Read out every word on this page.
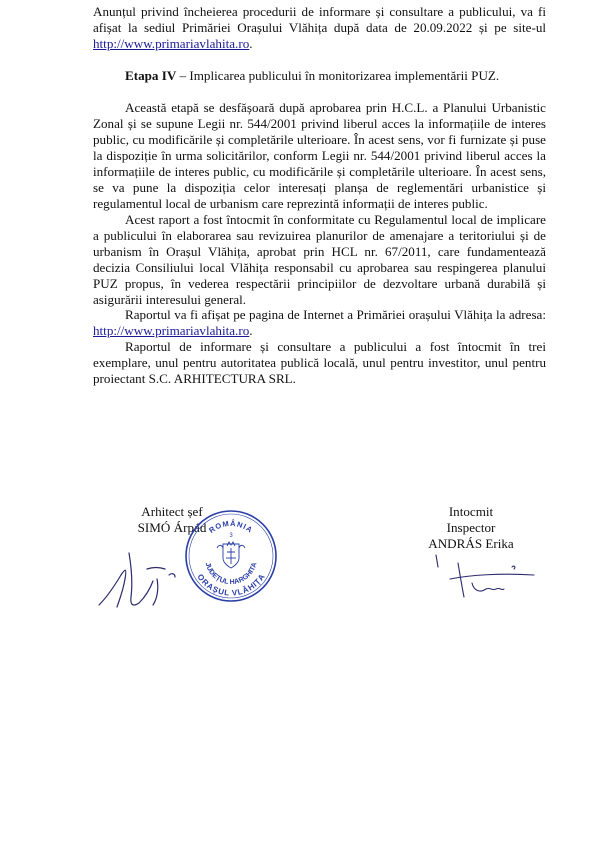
Anunțul privind încheierea procedurii de informare și consultare a publicului, va fi afișat la sediul Primăriei Orașului Vlăhița după data de 20.09.2022 și pe site-ul http://www.primariavlahita.ro.
Etapa IV – Implicarea publicului în monitorizarea implementării PUZ.
Această etapă se desfășoară după aprobarea prin H.C.L. a Planului Urbanistic Zonal și se supune Legii nr. 544/2001 privind liberul acces la informațiile de interes public, cu modificările și completările ulterioare. În acest sens, vor fi furnizate și puse la dispoziție în urma solicitărilor, conform Legii nr. 544/2001 privind liberul acces la informațiile de interes public, cu modificările și completările ulterioare. În acest sens, se va pune la dispoziția celor interesați planșa de reglementări urbanistice și regulamentul local de urbanism care reprezintă informații de interes public.
Acest raport a fost întocmit în conformitate cu Regulamentul local de implicare a publicului în elaborarea sau revizuirea planurilor de amenajare a teritoriului și de urbanism în Orașul Vlăhița, aprobat prin HCL nr. 67/2011, care fundamentează decizia Consiliului local Vlăhița responsabil cu aprobarea sau respingerea planului PUZ propus, în vederea respectării principiilor de dezvoltare urbană durabilă și asigurării interesului general.
Raportul va fi afișat pe pagina de Internet a Primăriei orașului Vlăhița la adresa: http://www.primariavlahita.ro.
Raportul de informare și consultare a publicului a fost întocmit în trei exemplare, unul pentru autoritatea publică locală, unul pentru investitor, unul pentru proiectant S.C. ARHITECTURA SRL.
Arhitect șef
SIMÓ Árpád ROMÂNIA
3
JUDEȚUL HARGHITA
ORAȘUL VLĂHIȚA
Intocmit
Inspector
ANDRÁS Erika
